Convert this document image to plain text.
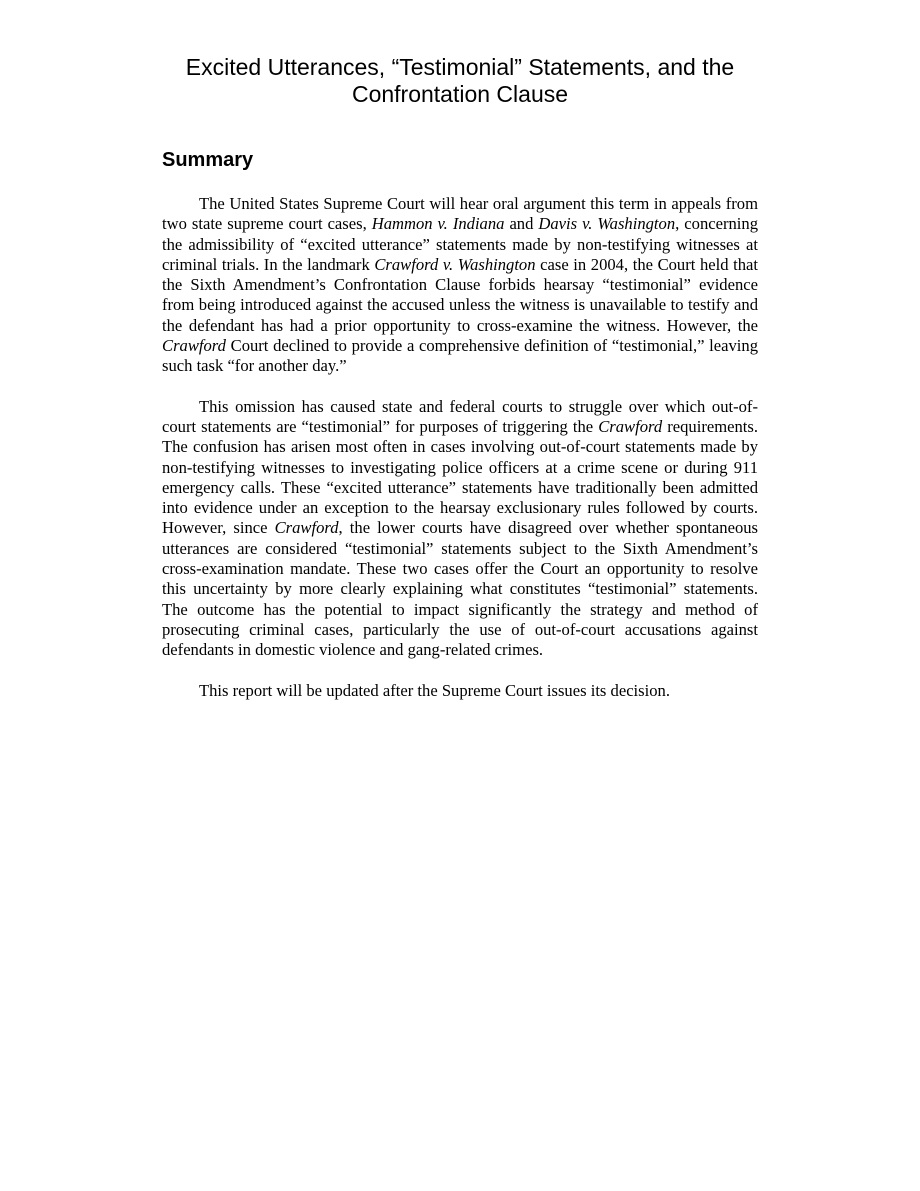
Excited Utterances, “Testimonial” Statements, and the
Confrontation Clause
Summary

The United States Supreme Court will hear oral argument this term in appeals from two state supreme court cases, Hammon v. Indiana and Davis v. Washington, concerning the admissibility of “excited utterance” statements made by non-testifying witnesses at criminal trials. In the landmark Crawford v. Washington case in 2004, the Court held that the Sixth Amendment’s Confrontation Clause forbids hearsay “testimonial” evidence from being introduced against the accused unless the witness is unavailable to testify and the defendant has had a prior opportunity to cross-examine the witness. However, the Crawford Court declined to provide a comprehensive definition of “testimonial,” leaving such task “for another day.”

This omission has caused state and federal courts to struggle over which out-of-court statements are “testimonial” for purposes of triggering the Crawford requirements. The confusion has arisen most often in cases involving out-of-court statements made by non-testifying witnesses to investigating police officers at a crime scene or during 911 emergency calls. These “excited utterance” statements have traditionally been admitted into evidence under an exception to the hearsay exclusionary rules followed by courts. However, since Crawford, the lower courts have disagreed over whether spontaneous utterances are considered “testimonial” statements subject to the Sixth Amendment’s cross-examination mandate. These two cases offer the Court an opportunity to resolve this uncertainty by more clearly explaining what constitutes “testimonial” statements. The outcome has the potential to impact significantly the strategy and method of prosecuting criminal cases, particularly the use of out-of-court accusations against defendants in domestic violence and gang-related crimes.

This report will be updated after the Supreme Court issues its decision.
